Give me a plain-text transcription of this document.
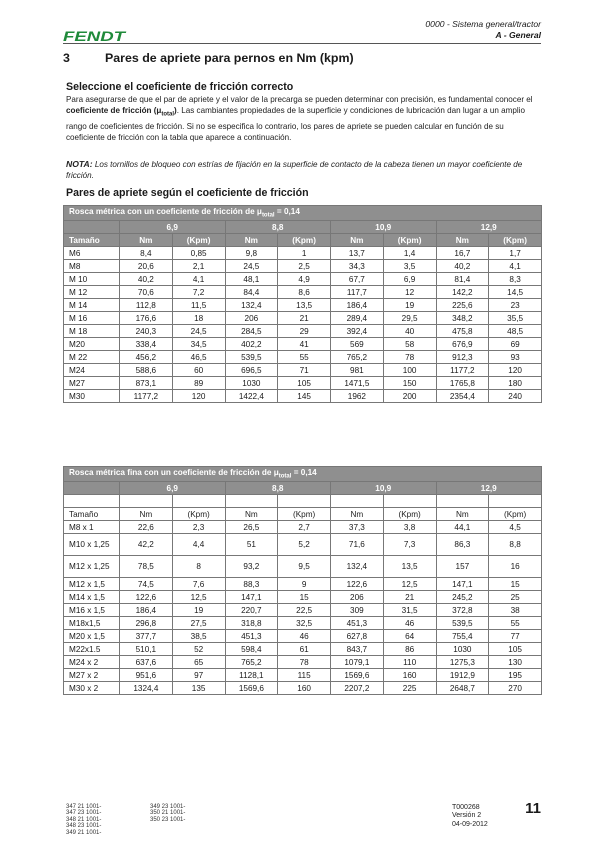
FENDT
0000 - Sistema general/tractor
A - General
3	Pares de apriete para pernos en Nm (kpm)
Seleccione el coeficiente de fricción correcto
Para asegurarse de que el par de apriete y el valor de la precarga se pueden determinar con precisión, es fundamental conocer el coeficiente de fricción $(\mu_{total})$. Las cambiantes propiedades de la superficie y condiciones de lubricación dan lugar a un amplio rango de coeficientes de fricción. Si no se especifica lo contrario, los pares de apriete se pueden calcular en función de su coeficiente de fricción con la tabla que aparece a continuación.
NOTA: Los tornillos de bloqueo con estrías de fijación en la superficie de contacto de la cabeza tienen un mayor coeficiente de fricción.
Pares de apriete según el coeficiente de fricción
Rosca métrica con un coeficiente de fricción de $\mu_{total} = 0,14$								
	6,9		8,8		10,9		12,9	
Tamaño	Nm	(Kpm)	Nm	(Kpm)	Nm	(Kpm)	Nm	(Kpm)
M6	8,4	0,85	9,8	1	13,7	1,4	16,7	1,7
M8	20,6	2,1	24,5	2,5	34,3	3,5	40,2	4,1
M 10	40,2	4,1	48,1	4,9	67,7	6,9	81,4	8,3
M 12	70,6	7,2	84,4	8,6	117,7	12	142,2	14,5
M 14	112,8	11,5	132,4	13,5	186,4	19	225,6	23
M 16	176,6	18	206	21	289,4	29,5	348,2	35,5
M 18	240,3	24,5	284,5	29	392,4	40	475,8	48,5
M20	338,4	34,5	402,2	41	569	58	676,9	69
M 22	456,2	46,5	539,5	55	765,2	78	912,3	93
M24	588,6	60	696,5	71	981	100	1177,2	120
M27	873,1	89	1030	105	1471,5	150	1765,8	180
M30	1177,2	120	1422,4	145	1962	200	2354,4	240
Rosca métrica fina con un coeficiente de fricción de $\mu_{total} = 0,14$								
	6,9		8,8		10,9		12,9	

Tamaño	Nm	(Kpm)	Nm	(Kpm)	Nm	(Kpm)	Nm	(Kpm)
M8 x 1	22,6	2,3	26,5	2,7	37,3	3,8	44,1	4,5
M10 x 1,25	42,2	4,4	51	5,2	71,6	7,3	86,3	8,8
M12 x 1,25	78,5	8	93,2	9,5	132,4	13,5	157	16
M12 x 1,5	74,5	7,6	88,3	9	122,6	12,5	147,1	15
M14 x 1,5	122,6	12,5	147,1	15	206	21	245,2	25
M16 x 1,5	186,4	19	220,7	22,5	309	31,5	372,8	38
M18x1,5	296,8	27,5	318,8	32,5	451,3	46	539,5	55
M20 x 1,5	377,7	38,5	451,3	46	627,8	64	755,4	77
M22x1.5	510,1	52	598,4	61	843,7	86	1030	105
M24 x 2	637,6	65	765,2	78	1079,1	110	1275,3	130
M27 x 2	951,6	97	1128,1	115	1569,6	160	1912,9	195
M30 x 2	1324,4	135	1569,6	160	2207,2	225	2648,7	270
347 21 1001-
347 23 1001-
348 21 1001-
348 23 1001-
349 21 1001-
349 23 1001-
350 21 1001-
350 23 1001-
T000268
Versión 2
04-09-2012
11
